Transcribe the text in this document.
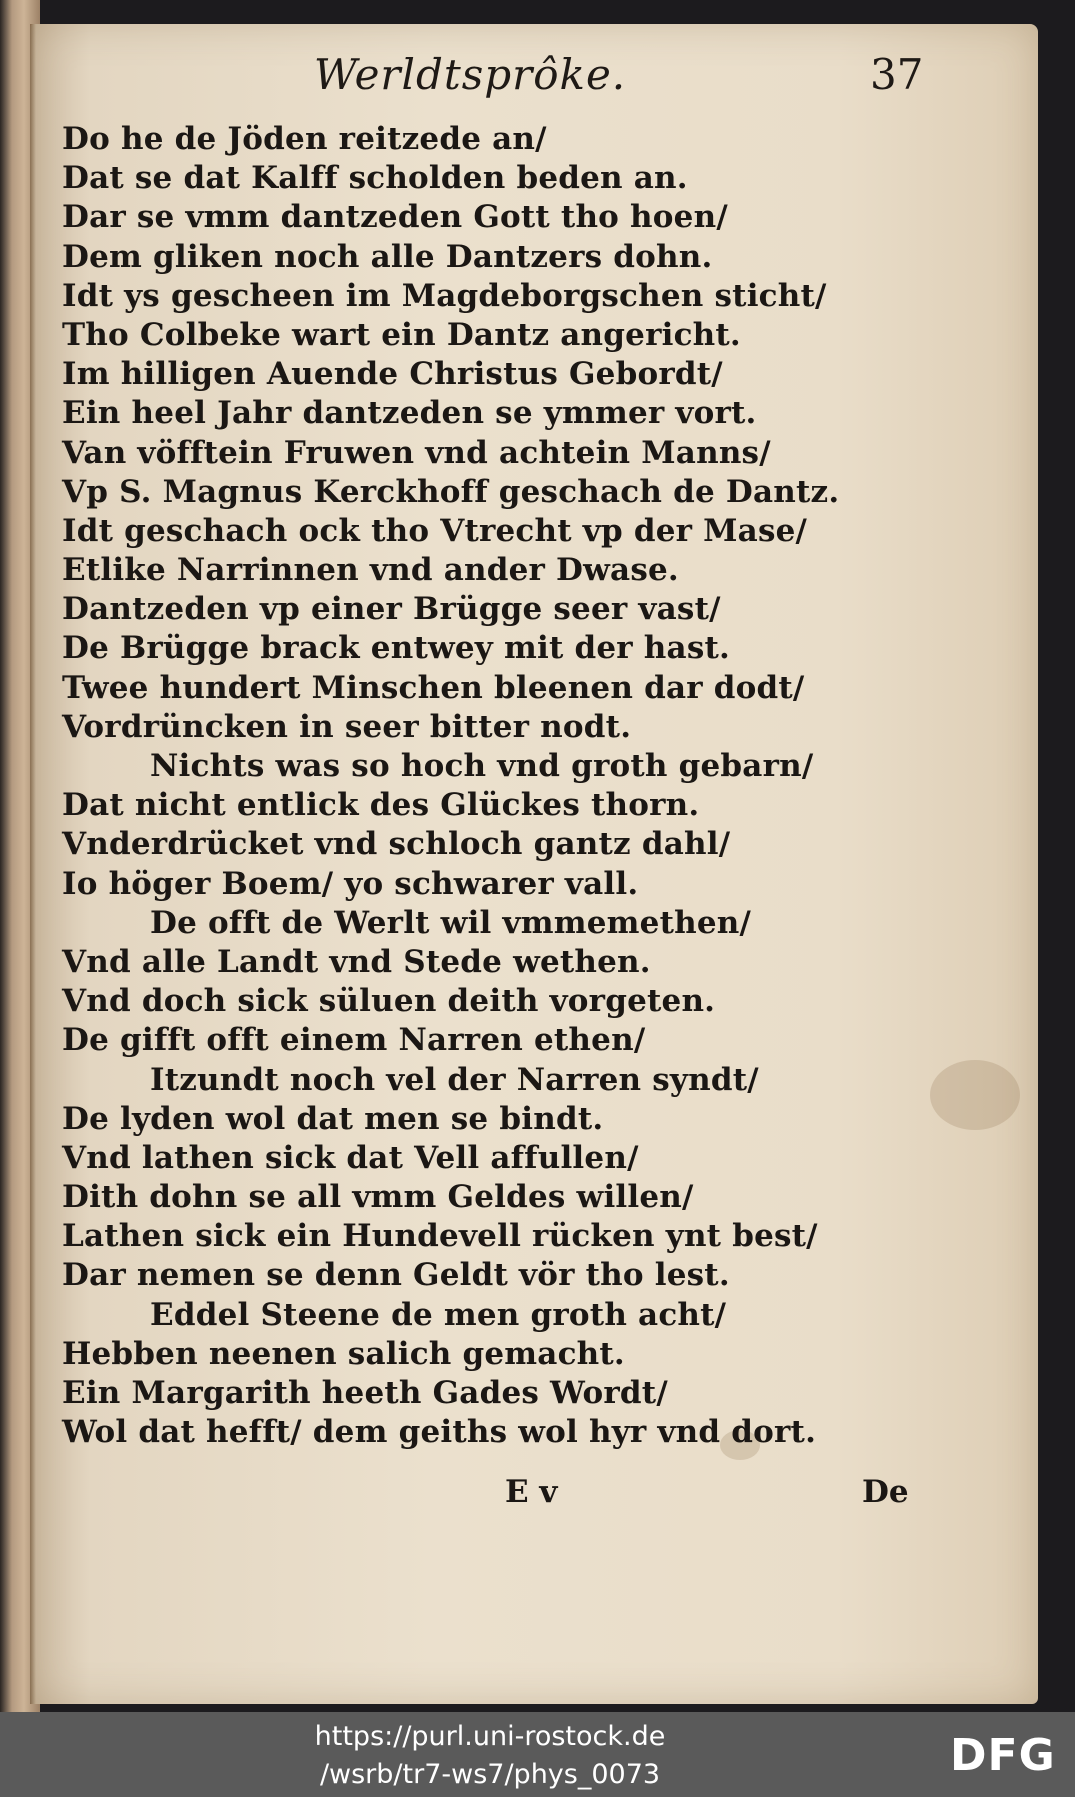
Werldtsprôke.	37
Do he de Jöden reitzede an/
Dat se dat Kalff scholden beden an.
Dar se vmm dantzeden Gott tho hoen/
Dem gliken noch alle Dantzers dohn.
Idt ys gescheen im Magdeborgschen sticht/
Tho Colbeke wart ein Dantz angericht.
Im hilligen Auende Christus Gebordt/
Ein heel Jahr dantzeden se ymmer vort.
Van vöfftein Fruwen vnd achtein Manns/
Vp S. Magnus Kerckhoff geschach de Dantz.
Idt geschach ock tho Vtrecht vp der Mase/
Etlike Narrinnen vnd ander Dwase.
Dantzeden vp einer Brügge seer vast/
De Brügge brack entwey mit der hast.
Twee hundert Minschen bleenen dar dodt/
Vordrüncken in seer bitter nodt.
Nichts was so hoch vnd groth gebarn/
Dat nicht entlick des Glückes thorn.
Vnderdrücket vnd schloch gantz dahl/
Io höger Boem/ yo schwarer vall.
De offt de Werlt wil vmmemethen/
Vnd alle Landt vnd Stede wethen.
Vnd doch sick süluen deith vorgeten.
De gifft offt einem Narren ethen/
Itzundt noch vel der Narren syndt/
De lyden wol dat men se bindt.
Vnd lathen sick dat Vell affullen/
Dith dohn se all vmm Geldes willen/
Lathen sick ein Hundevell rücken ynt best/
Dar nemen se denn Geldt vör tho lest.
Eddel Steene de men groth acht/
Hebben neenen salich gemacht.
Ein Margarith heeth Gades Wordt/
Wol dat hefft/ dem geiths wol hyr vnd dort.
E v	De
https://purl.uni-rostock.de
/wsrb/tr7-ws7/phys_0073	DFG
